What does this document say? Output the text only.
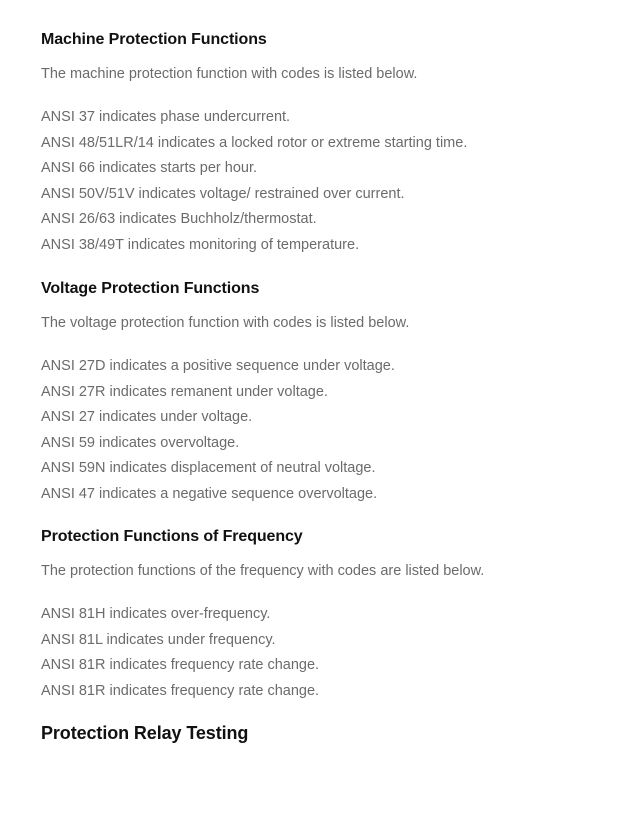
Machine Protection Functions

The machine protection function with codes is listed below.

ANSI 37 indicates phase undercurrent.
ANSI 48/51LR/14 indicates a locked rotor or extreme starting time.
ANSI 66 indicates starts per hour.
ANSI 50V/51V indicates voltage/ restrained over current.
ANSI 26/63 indicates Buchholz/thermostat.
ANSI 38/49T indicates monitoring of temperature.
Voltage Protection Functions

The voltage protection function with codes is listed below.

ANSI 27D indicates a positive sequence under voltage.
ANSI 27R indicates remanent under voltage.
ANSI 27 indicates under voltage.
ANSI 59 indicates overvoltage.
ANSI 59N indicates displacement of neutral voltage.
ANSI 47 indicates a negative sequence overvoltage.
Protection Functions of Frequency

The protection functions of the frequency with codes are listed below.

ANSI 81H indicates over-frequency.
ANSI 81L indicates under frequency.
ANSI 81R indicates frequency rate change.
ANSI 81R indicates frequency rate change.
Protection Relay Testing
